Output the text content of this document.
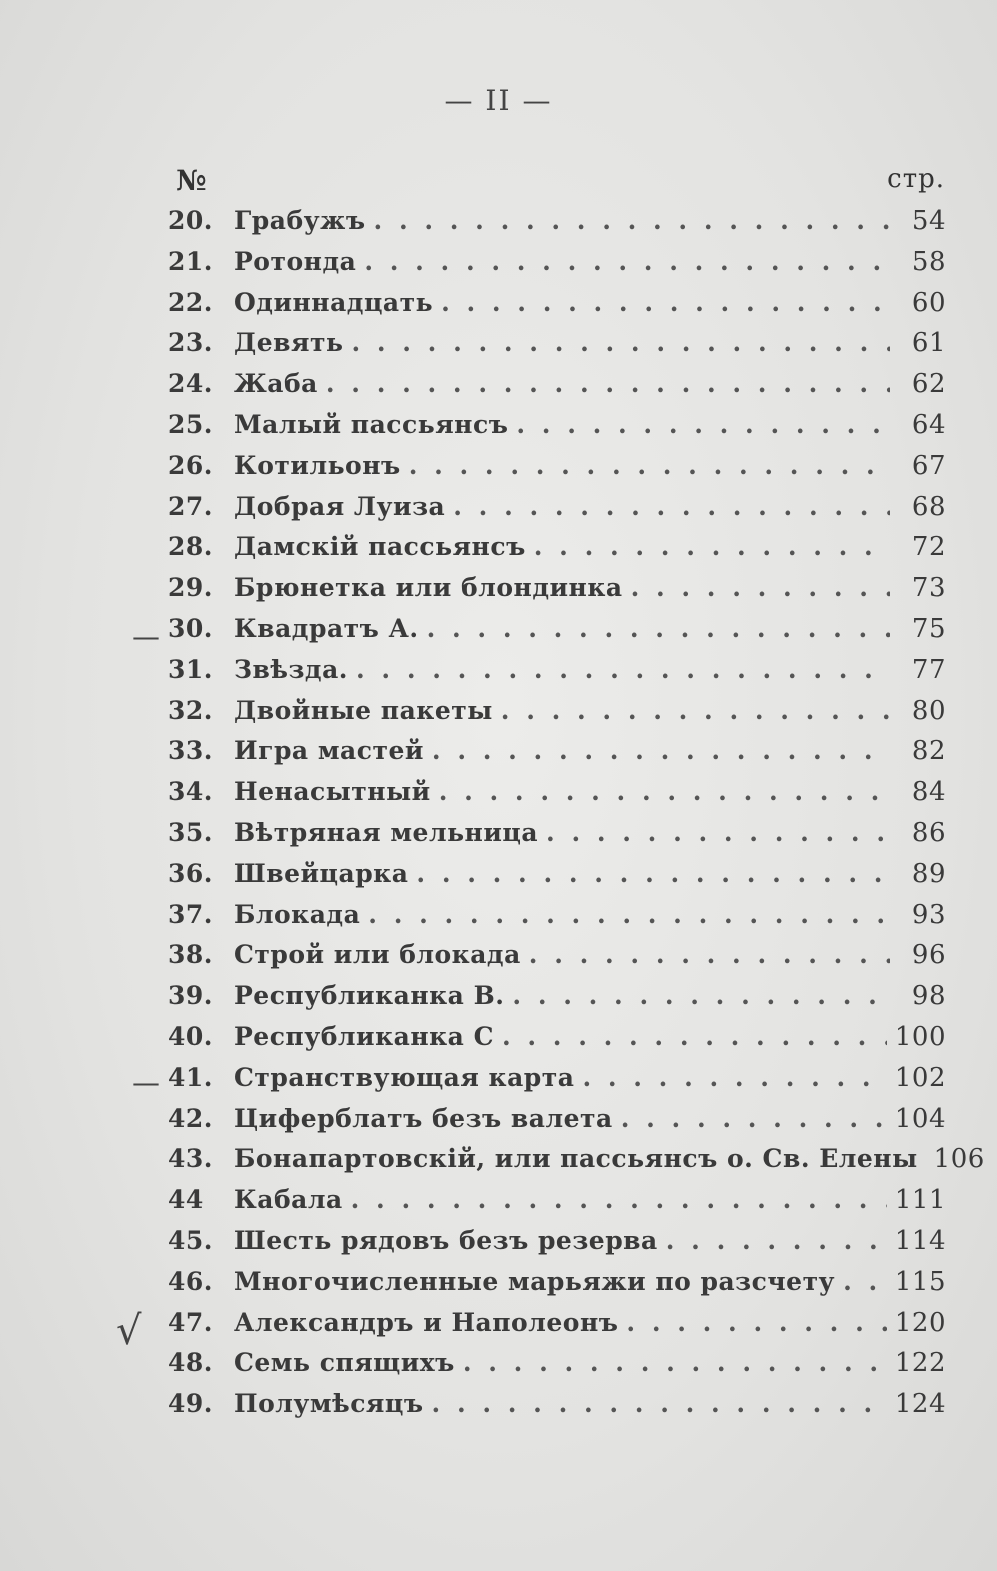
— II —
№	стр.
20. Грабужъ . . .	54
21. Ротонда . . .	58
22. Одиннадцать . . .	60
23. Девять . . .	61
24. Жаба . . .	62
25. Малый пассьянсъ . . .	64
26. Котильонъ . . .	67
27. Добрая Луиза . . .	68
28. Дамскій пассьянсъ . . .	72
29. Брюнетка или блондинка . . .	73
30. Квадратъ А. . . .	75
31. Звѣзда. . . .	77
32. Двойные пакеты . . .	80
33. Игра мастей . . .	82
34. Ненасытный . . .	84
35. Вѣтряная мельница . . .	86
36. Швейцарка . . .	89
37. Блокада . . .	93
38. Строй или блокада . . .	96
39. Республиканка В. . . .	98
40. Республиканка С . . .	100
41. Странствующая карта . . .	102
42. Циферблатъ безъ валета . . .	104
43. Бонапартовскій, или пассьянсъ о. Св. Елены 106
44	Кабала . . .	111
45. Шесть рядовъ безъ резерва . . .	114
46. Многочисленные марьяжи по разсчету . . . 115
47. Александръ и Наполеонъ . . .	120
48. Семь спящихъ . . .	122
49. Полумѣсяцъ . . .	124
—
—
√
